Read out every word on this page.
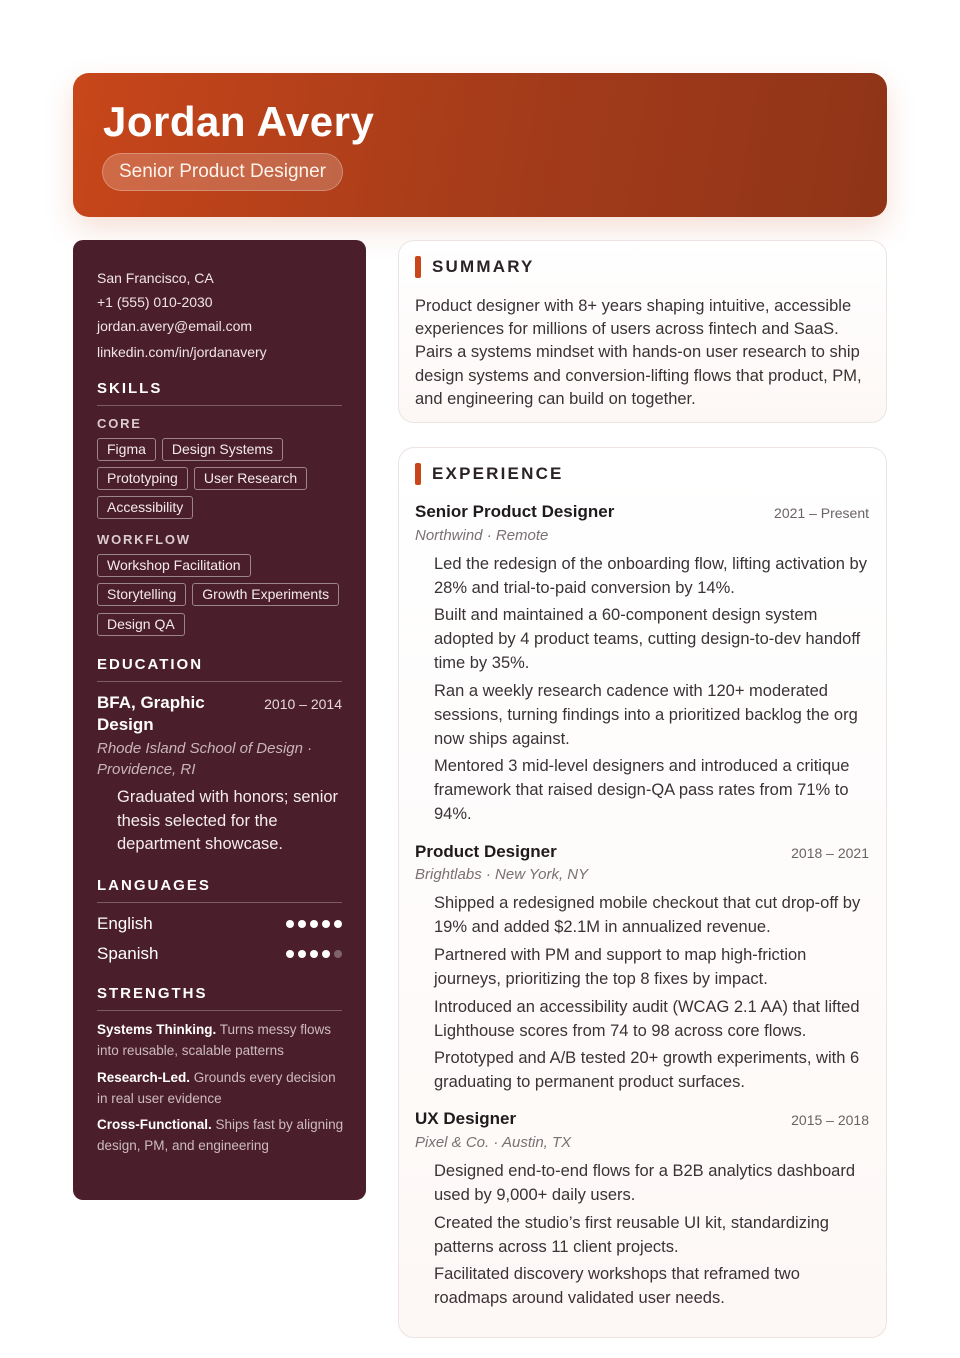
Jordan Avery
Senior Product Designer
San Francisco, CA
+1 (555) 010-2030
jordan.avery@email.com
linkedin.com/in/jordanavery
SKILLS
CORE
Figma	Design Systems
Prototyping	User Research
Accessibility
WORKFLOW
Workshop Facilitation
Storytelling	Growth Experiments
Design QA
EDUCATION
BFA, Graphic Design
2010 – 2014
Rhode Island School of Design · Providence, RI
Graduated with honors; senior thesis selected for the department showcase.
LANGUAGES
English
Spanish
STRENGTHS
Systems Thinking. Turns messy flows into reusable, scalable patterns
Research-Led. Grounds every decision in real user evidence
Cross-Functional. Ships fast by aligning design, PM, and engineering
SUMMARY
Product designer with 8+ years shaping intuitive, accessible experiences for millions of users across fintech and SaaS. Pairs a systems mindset with hands-on user research to ship design systems and conversion-lifting flows that product, PM, and engineering can build on together.
EXPERIENCE
Senior Product Designer	2021 – Present
Northwind · Remote
Led the redesign of the onboarding flow, lifting activation by 28% and trial-to-paid conversion by 14%.
Built and maintained a 60-component design system adopted by 4 product teams, cutting design-to-dev handoff time by 35%.
Ran a weekly research cadence with 120+ moderated sessions, turning findings into a prioritized backlog the org now ships against.
Mentored 3 mid-level designers and introduced a critique framework that raised design-QA pass rates from 71% to 94%.
Product Designer	2018 – 2021
Brightlabs · New York, NY
Shipped a redesigned mobile checkout that cut drop-off by 19% and added $2.1M in annualized revenue.
Partnered with PM and support to map high-friction journeys, prioritizing the top 8 fixes by impact.
Introduced an accessibility audit (WCAG 2.1 AA) that lifted Lighthouse scores from 74 to 98 across core flows.
Prototyped and A/B tested 20+ growth experiments, with 6 graduating to permanent product surfaces.
UX Designer	2015 – 2018
Pixel & Co. · Austin, TX
Designed end-to-end flows for a B2B analytics dashboard used by 9,000+ daily users.
Created the studio’s first reusable UI kit, standardizing patterns across 11 client projects.
Facilitated discovery workshops that reframed two roadmaps around validated user needs.
